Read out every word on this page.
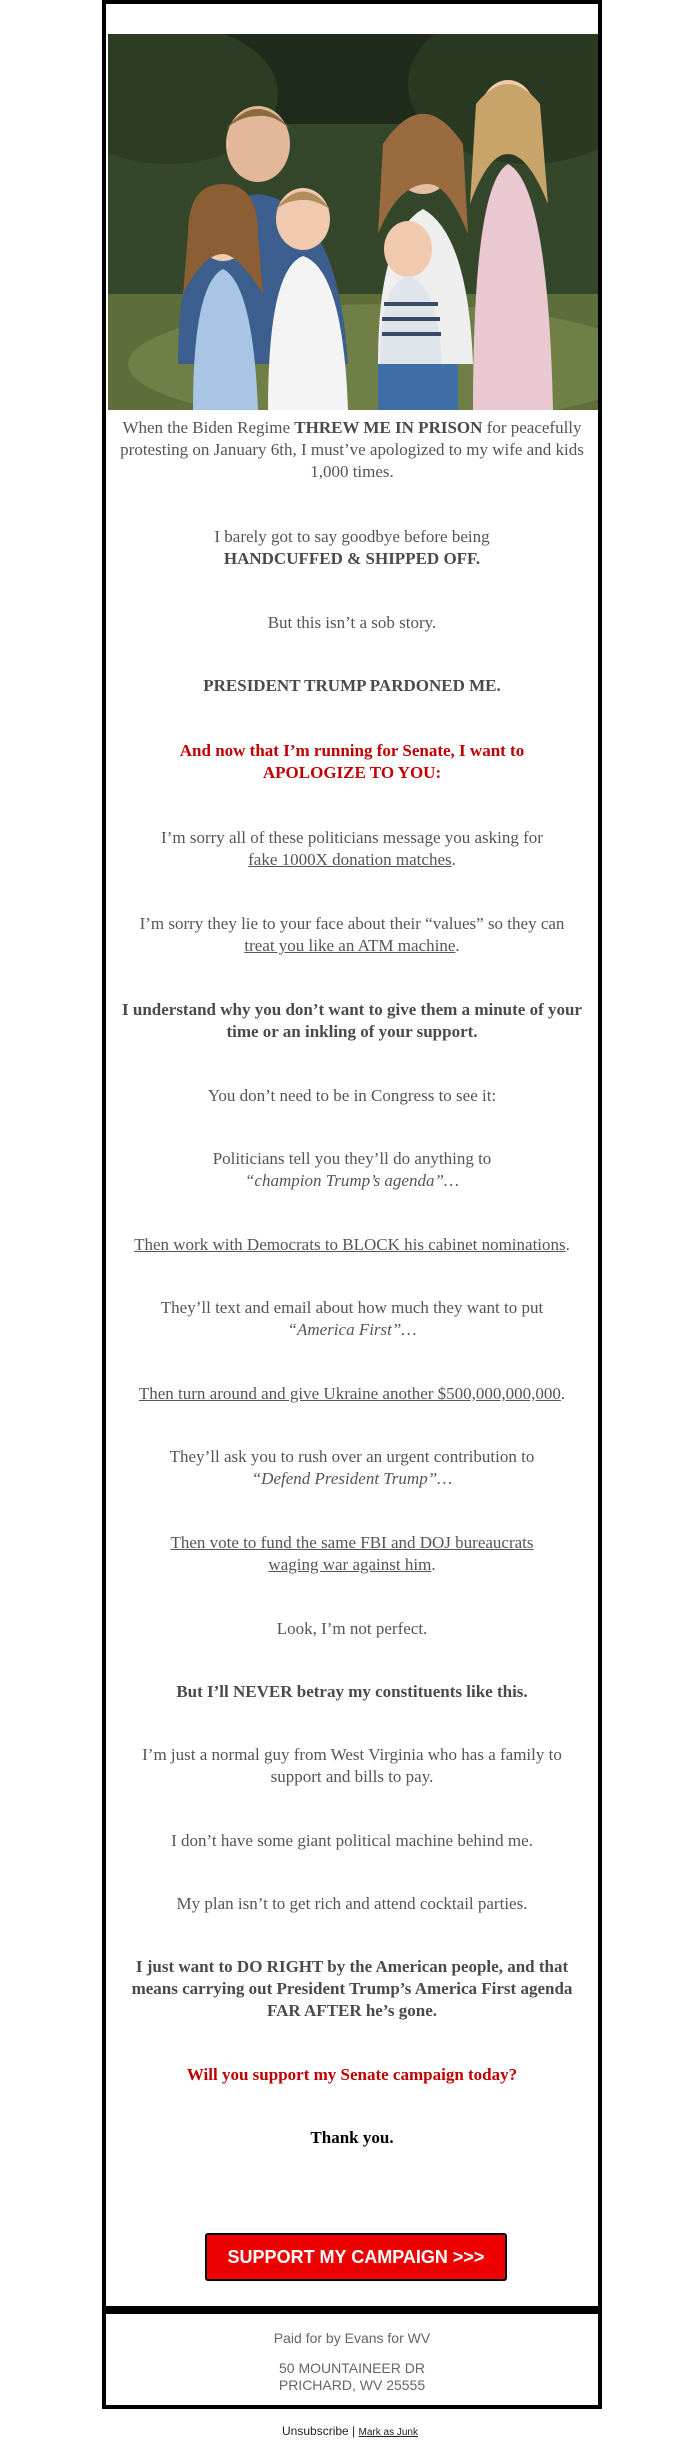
When the Biden Regime THREW ME IN PRISON for peacefully protesting on January 6th, I must’ve apologized to my wife and kids 1,000 times.
I barely got to say goodbye before being
HANDCUFFED & SHIPPED OFF.
But this isn’t a sob story.
PRESIDENT TRUMP PARDONED ME.
And now that I’m running for Senate, I want to
APOLOGIZE TO YOU:
I’m sorry all of these politicians message you asking for
fake 1000X donation matches.
I’m sorry they lie to your face about their “values” so they can
treat you like an ATM machine.
I understand why you don’t want to give them a minute of your time or an inkling of your support.
You don’t need to be in Congress to see it:
Politicians tell you they’ll do anything to
“champion Trump’s agenda”…
Then work with Democrats to BLOCK his cabinet nominations.
They’ll text and email about how much they want to put
“America First”…
Then turn around and give Ukraine another $500,000,000,000.
They’ll ask you to rush over an urgent contribution to
“Defend President Trump”…
Then vote to fund the same FBI and DOJ bureaucrats
waging war against him.
Look, I’m not perfect.
But I’ll NEVER betray my constituents like this.
I’m just a normal guy from West Virginia who has a family to support and bills to pay.
I don’t have some giant political machine behind me.
My plan isn’t to get rich and attend cocktail parties.
I just want to DO RIGHT by the American people, and that means carrying out President Trump’s America First agenda FAR AFTER he’s gone.
Will you support my Senate campaign today?
Thank you.
SUPPORT MY CAMPAIGN >>>
Paid for by Evans for WV
50 MOUNTAINEER DR
PRICHARD, WV 25555
Unsubscribe | Mark as Junk
